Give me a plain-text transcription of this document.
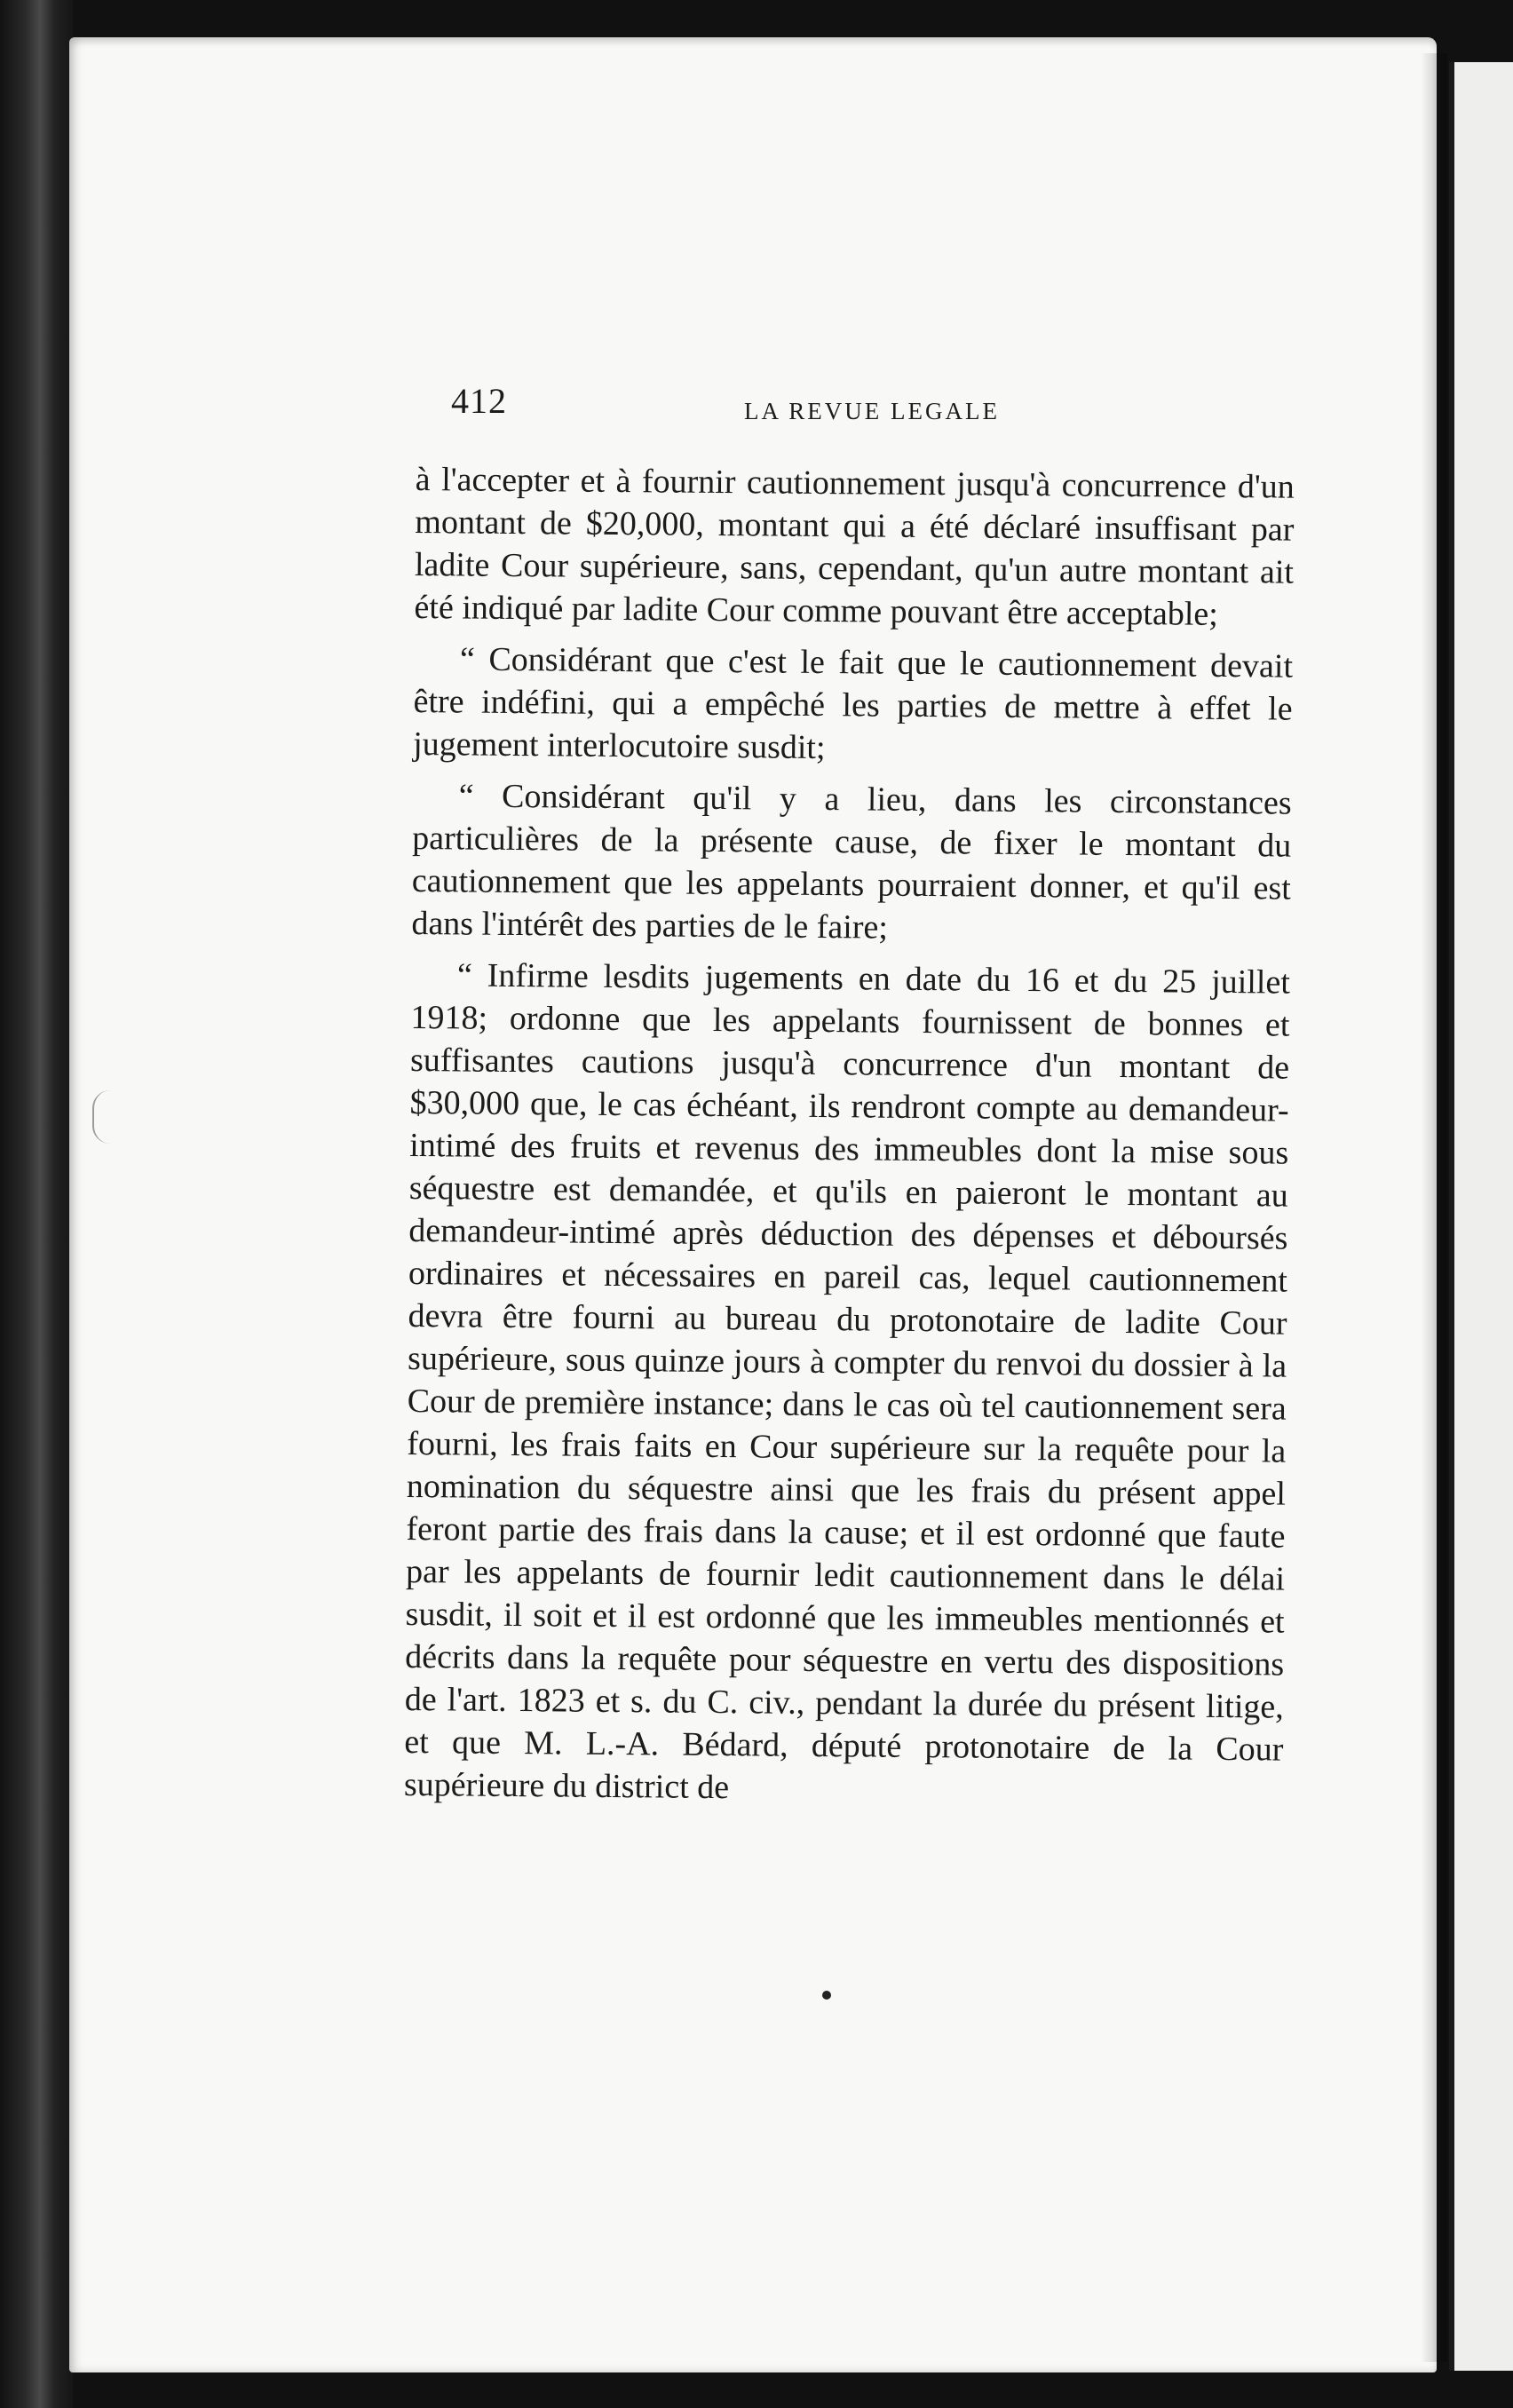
412	LA REVUE LEGALE

à l'accepter et à fournir cautionnement jusqu'à concurrence d'un montant de $20,000, montant qui a été déclaré insuffisant par ladite Cour supérieure, sans, cependant, qu'un autre montant ait été indiqué par ladite Cour comme pouvant être acceptable;

“ Considérant que c'est le fait que le cautionnement devait être indéfini, qui a empêché les parties de mettre à effet le jugement interlocutoire susdit;

“ Considérant qu'il y a lieu, dans les circonstances particulières de la présente cause, de fixer le montant du cautionnement que les appelants pourraient donner, et qu'il est dans l'intérêt des parties de le faire;

“ Infirme lesdits jugements en date du 16 et du 25 juillet 1918; ordonne que les appelants fournissent de bonnes et suffisantes cautions jusqu'à concurrence d'un montant de $30,000 que, le cas échéant, ils rendront compte au demandeur-intimé des fruits et revenus des immeubles dont la mise sous séquestre est demandée, et qu'ils en paieront le montant au demandeur-intimé après déduction des dépenses et déboursés ordinaires et nécessaires en pareil cas, lequel cautionnement devra être fourni au bureau du protonotaire de ladite Cour supérieure, sous quinze jours à compter du renvoi du dossier à la Cour de première instance; dans le cas où tel cautionnement sera fourni, les frais faits en Cour supérieure sur la requête pour la nomination du séquestre ainsi que les frais du présent appel feront partie des frais dans la cause; et il est ordonné que faute par les appelants de fournir ledit cautionnement dans le délai susdit, il soit et il est ordonné que les immeubles mentionnés et décrits dans la requête pour séquestre en vertu des dispositions de l'art. 1823 et s. du C. civ., pendant la durée du présent litige, et que M. L.-A. Bédard, député protonotaire de la Cour supérieure du district de
